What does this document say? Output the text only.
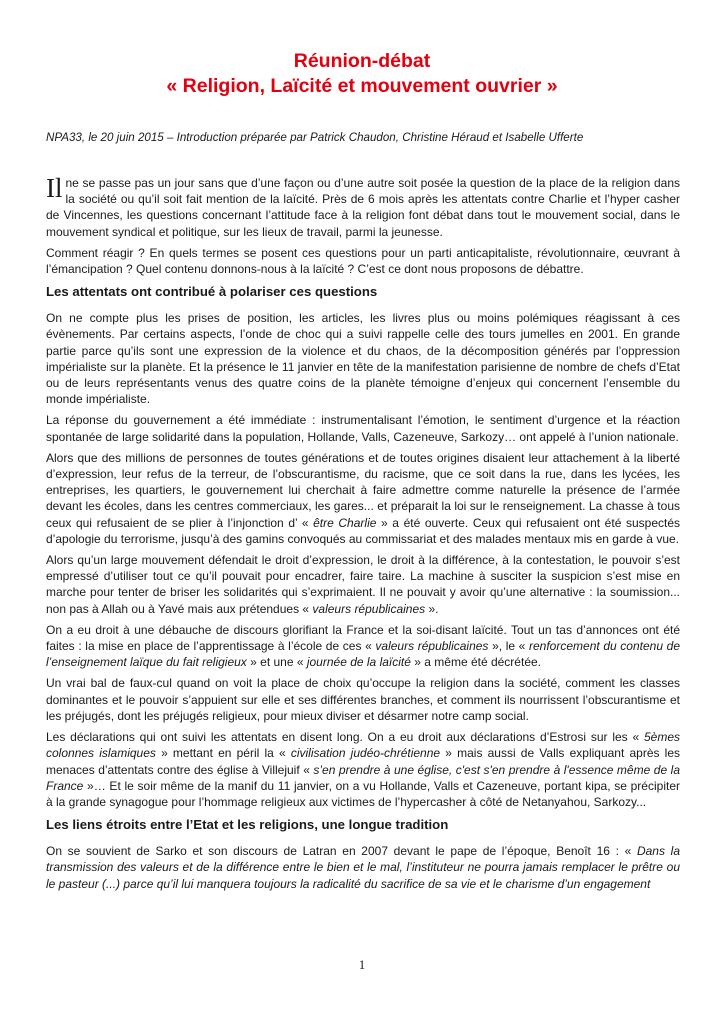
Réunion-débat
« Religion, Laïcité et mouvement ouvrier »
NPA33, le 20 juin 2015 – Introduction préparée par Patrick Chaudon, Christine Héraud et Isabelle Ufferte

Il ne se passe pas un jour sans que d’une façon ou d’une autre soit posée la question de la place de la religion dans la société ou qu’il soit fait mention de la laïcité. Près de 6 mois après les attentats contre Charlie et l’hyper casher de Vincennes, les questions concernant l’attitude face à la religion font débat dans tout le mouvement social, dans le mouvement syndical et politique, sur les lieux de travail, parmi la jeunesse.

Comment réagir ? En quels termes se posent ces questions pour un parti anticapitaliste, révolutionnaire, œuvrant à l’émancipation ? Quel contenu donnons-nous à la laïcité ? C’est ce dont nous proposons de débattre.

Les attentats ont contribué à polariser ces questions

On ne compte plus les prises de position, les articles, les livres plus ou moins polémiques réagissant à ces évènements. Par certains aspects, l’onde de choc qui a suivi rappelle celle des tours jumelles en 2001. En grande partie parce qu’ils sont une expression de la violence et du chaos, de la décomposition générés par l’oppression impérialiste sur la planète. Et la présence le 11 janvier en tête de la manifestation parisienne de nombre de chefs d’Etat ou de leurs représentants venus des quatre coins de la planète témoigne d’enjeux qui concernent l’ensemble du monde impérialiste.

La réponse du gouvernement a été immédiate : instrumentalisant l’émotion, le sentiment d’urgence et la réaction spontanée de large solidarité dans la population, Hollande, Valls, Cazeneuve, Sarkozy… ont appelé à l’union nationale.

Alors que des millions de personnes de toutes générations et de toutes origines disaient leur attachement à la liberté d’expression, leur refus de la terreur, de l’obscurantisme, du racisme, que ce soit dans la rue, dans les lycées, les entreprises, les quartiers, le gouvernement lui cherchait à faire admettre comme naturelle la présence de l’armée devant les écoles, dans les centres commerciaux, les gares... et préparait la loi sur le renseignement. La chasse à tous ceux qui refusaient de se plier à l’injonction d’ « être Charlie » a été ouverte. Ceux qui refusaient ont été suspectés d’apologie du terrorisme, jusqu’à des gamins convoqués au commissariat et des malades mentaux mis en garde à vue.

Alors qu’un large mouvement défendait le droit d’expression, le droit à la différence, à la contestation, le pouvoir s’est empressé d’utiliser tout ce qu’il pouvait pour encadrer, faire taire. La machine à susciter la suspicion s’est mise en marche pour tenter de briser les solidarités qui s’exprimaient. Il ne pouvait y avoir qu’une alternative : la soumission... non pas à Allah ou à Yavé mais aux prétendues « valeurs républicaines ».

On a eu droit à une débauche de discours glorifiant la France et la soi-disant laïcité. Tout un tas d’annonces ont été faites : la mise en place de l’apprentissage à l’école de ces « valeurs républicaines », le « renforcement du contenu de l’enseignement laïque du fait religieux » et une « journée de la laïcité » a même été décrétée.

Un vrai bal de faux-cul quand on voit la place de choix qu’occupe la religion dans la société, comment les classes dominantes et le pouvoir s’appuient sur elle et ses différentes branches, et comment ils nourrissent l’obscurantisme et les préjugés, dont les préjugés religieux, pour mieux diviser et désarmer notre camp social.

Les déclarations qui ont suivi les attentats en disent long. On a eu droit aux déclarations d’Estrosi sur les « 5èmes colonnes islamiques » mettant en péril la « civilisation judéo-chrétienne » mais aussi de Valls expliquant après les menaces d’attentats contre des église à Villejuif « s’en prendre à une église, c'est s'en prendre à l'essence même de la France »… Et le soir même de la manif du 11 janvier, on a vu Hollande, Valls et Cazeneuve, portant kipa, se précipiter à la grande synagogue pour l’hommage religieux aux victimes de l’hypercasher à côté de Netanyahou, Sarkozy...

Les liens étroits entre l’Etat et les religions, une longue tradition

On se souvient de Sarko et son discours de Latran en 2007 devant le pape de l’époque, Benoît 16 : « Dans la transmission des valeurs et de la différence entre le bien et le mal, l’instituteur ne pourra jamais remplacer le prêtre ou le pasteur (...) parce qu’il lui manquera toujours la radicalité du sacrifice de sa vie et le charisme d’un engagement

1
